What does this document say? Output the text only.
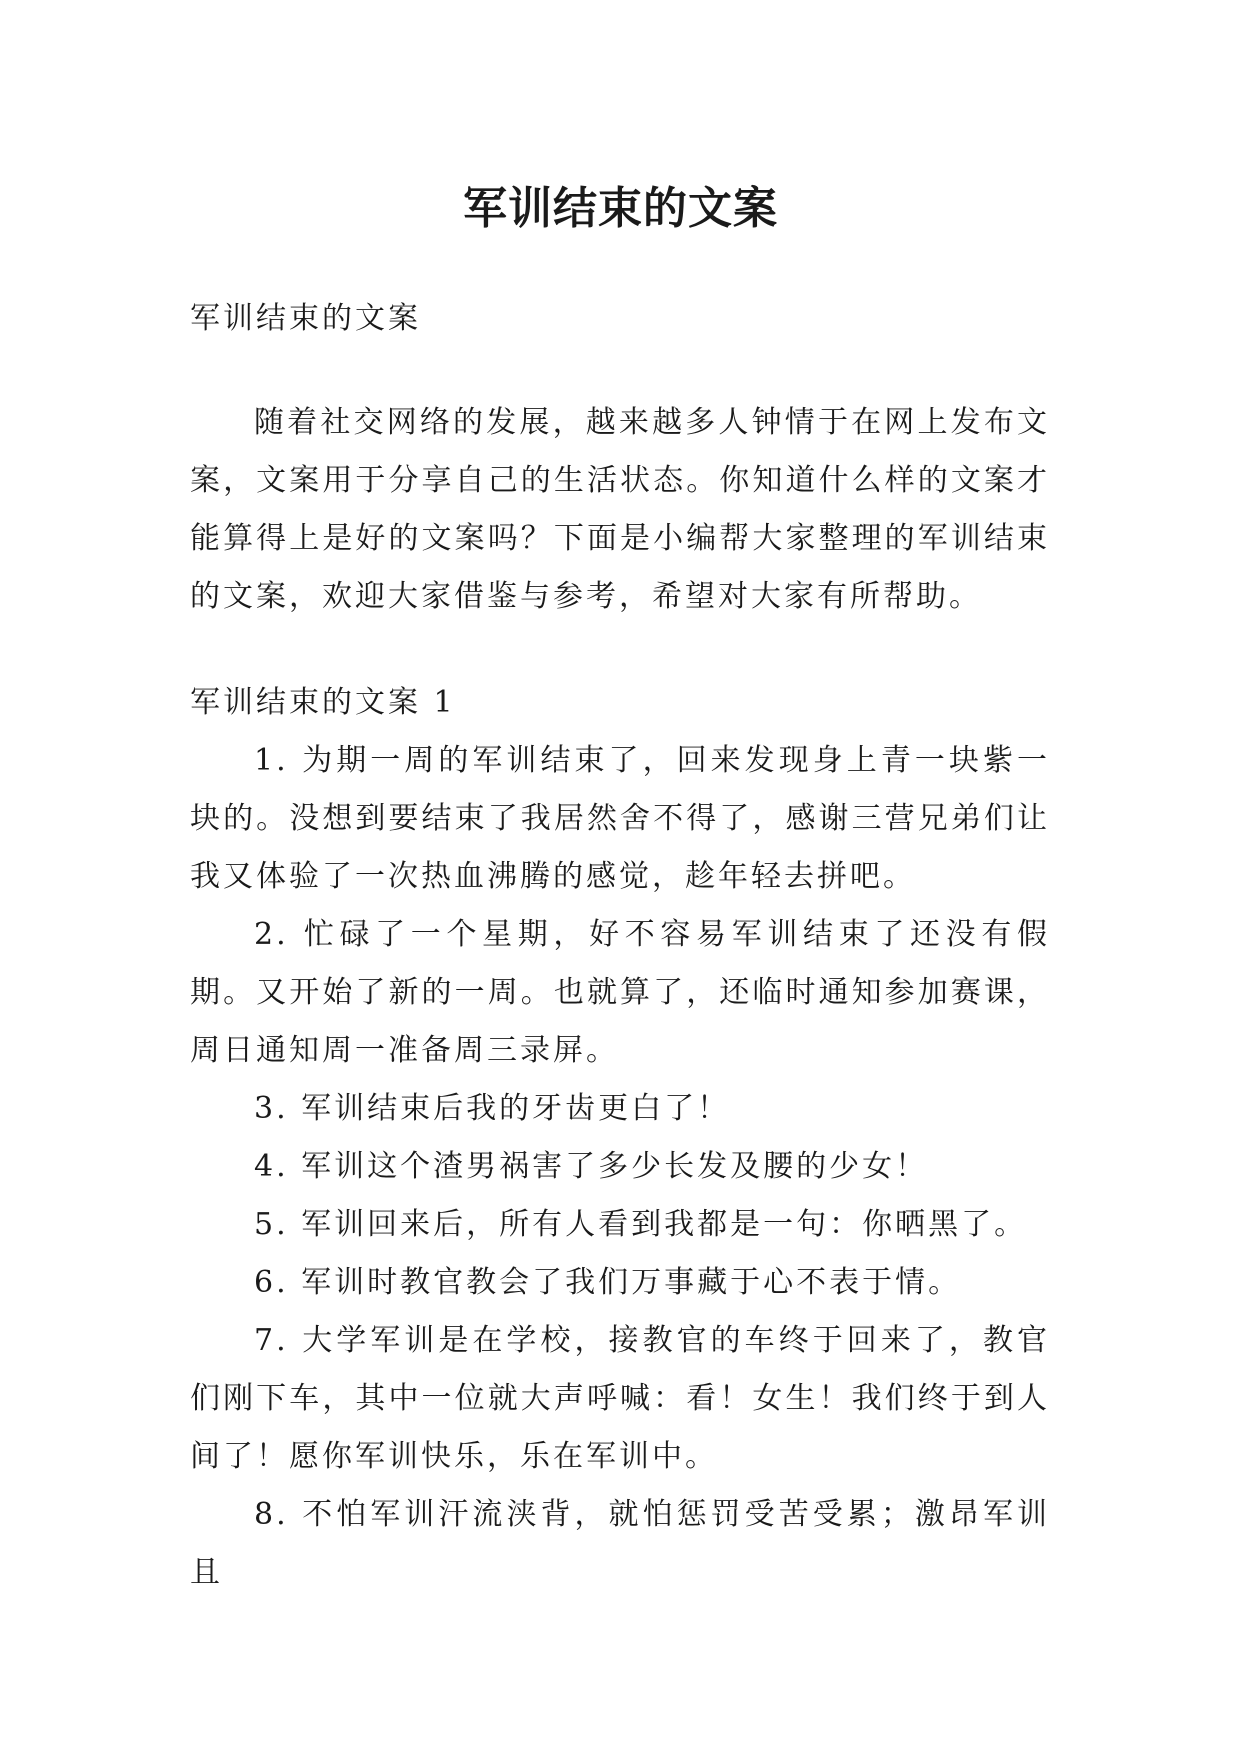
军训结束的文案

军训结束的文案

随着社交网络的发展，越来越多人钟情于在网上发布文案，文案用于分享自己的生活状态。你知道什么样的文案才能算得上是好的文案吗？下面是小编帮大家整理的军训结束的文案，欢迎大家借鉴与参考，希望对大家有所帮助。

军训结束的文案 1

1. 为期一周的军训结束了，回来发现身上青一块紫一块的。没想到要结束了我居然舍不得了，感谢三营兄弟们让我又体验了一次热血沸腾的感觉，趁年轻去拼吧。

2. 忙碌了一个星期，好不容易军训结束了还没有假期。又开始了新的一周。也就算了，还临时通知参加赛课，周日通知周一准备周三录屏。

3. 军训结束后我的牙齿更白了！

4. 军训这个渣男祸害了多少长发及腰的少女！

5. 军训回来后，所有人看到我都是一句：你晒黑了。

6. 军训时教官教会了我们万事藏于心不表于情。

7. 大学军训是在学校，接教官的车终于回来了，教官们刚下车，其中一位就大声呼喊：看！女生！我们终于到人间了！愿你军训快乐，乐在军训中。

8. 不怕军训汗流浃背，就怕惩罚受苦受累；激昂军训且
